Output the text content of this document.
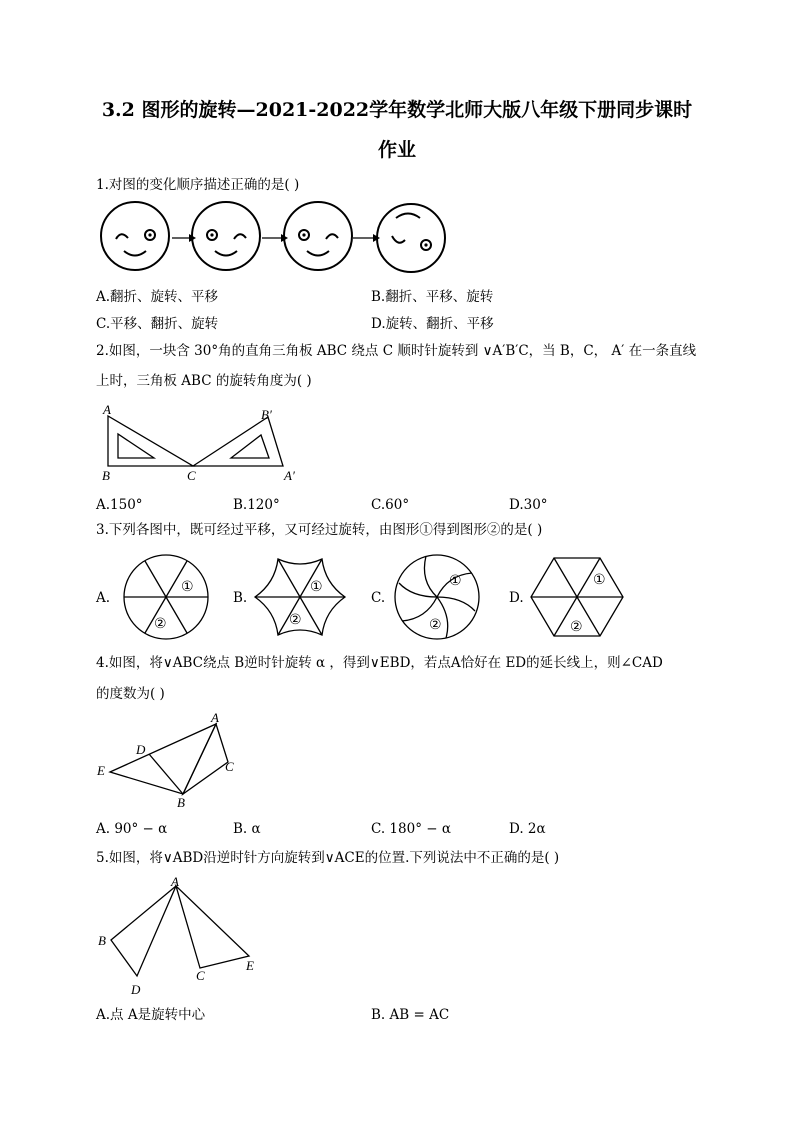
3.2 图形的旋转—2021-2022学年数学北师大版八年级下册同步课时
作业
1.对图的变化顺序描述正确的是( )
A.翻折、旋转、平移	B.翻折、平移、旋转
C.平移、翻折、旋转	D.旋转、翻折、平移
2.如图，一块含 30°角的直角三角板 ABC 绕点 C 顺时针旋转到 ∨A′B′C，当 B，C， A′ 在一条直线
上时，三角板 ABC 的旋转角度为( )
A
B	C
B′
A′
A.150°	B.120°	C.60°	D.30°
3.下列各图中，既可经过平移，又可经过旋转，由图形①得到图形②的是( )
A.	B.	C.	D.
①
②
①
②
①
②
①
②
4.如图，将∨ABC绕点 B逆时针旋转 α ，得到∨EBD，若点A恰好在 ED的延长线上，则∠CAD
的度数为( )
A
D
E	C
B
A. 90° − α	B. α	C. 180° − α	D. 2α
5.如图，将∨ABD沿逆时针方向旋转到∨ACE的位置.下列说法中不正确的是( )
A
B
D
C
E
A.点 A是旋转中心	B. AB = AC
